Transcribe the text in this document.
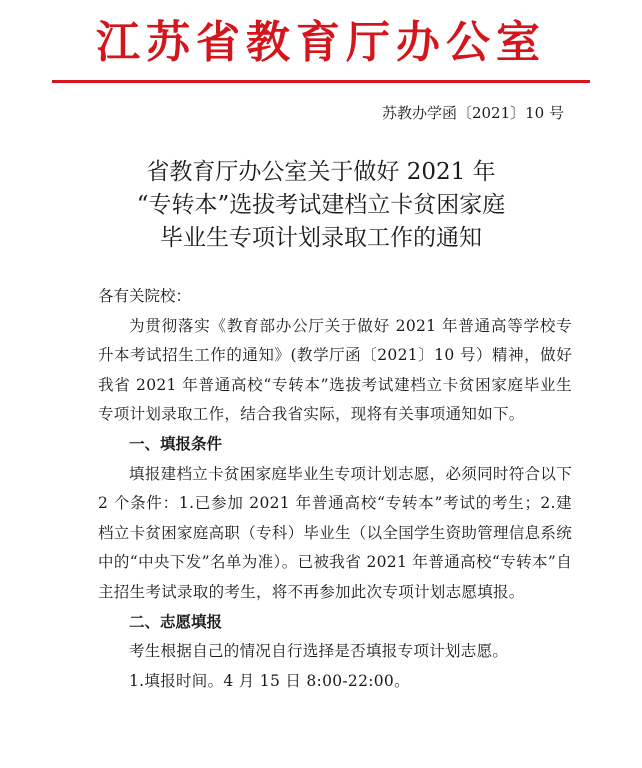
江苏省教育厅办公室
苏教办学函〔2021〕10 号
省教育厅办公室关于做好 2021 年
“专转本”选拔考试建档立卡贫困家庭
毕业生专项计划录取工作的通知

各有关院校：

为贯彻落实《教育部办公厅关于做好 2021 年普通高等学校专升本考试招生工作的通知》(教学厅函〔2021〕10 号）精神，做好我省 2021 年普通高校“专转本”选拔考试建档立卡贫困家庭毕业生专项计划录取工作，结合我省实际，现将有关事项通知如下。

一、填报条件

填报建档立卡贫困家庭毕业生专项计划志愿，必须同时符合以下 2 个条件：1.已参加 2021 年普通高校“专转本”考试的考生；2.建档立卡贫困家庭高职（专科）毕业生（以全国学生资助管理信息系统中的“中央下发”名单为准）。已被我省 2021 年普通高校“专转本”自主招生考试录取的考生，将不再参加此次专项计划志愿填报。

二、志愿填报

考生根据自己的情况自行选择是否填报专项计划志愿。

1.填报时间。4 月 15 日 8:00-22:00。
